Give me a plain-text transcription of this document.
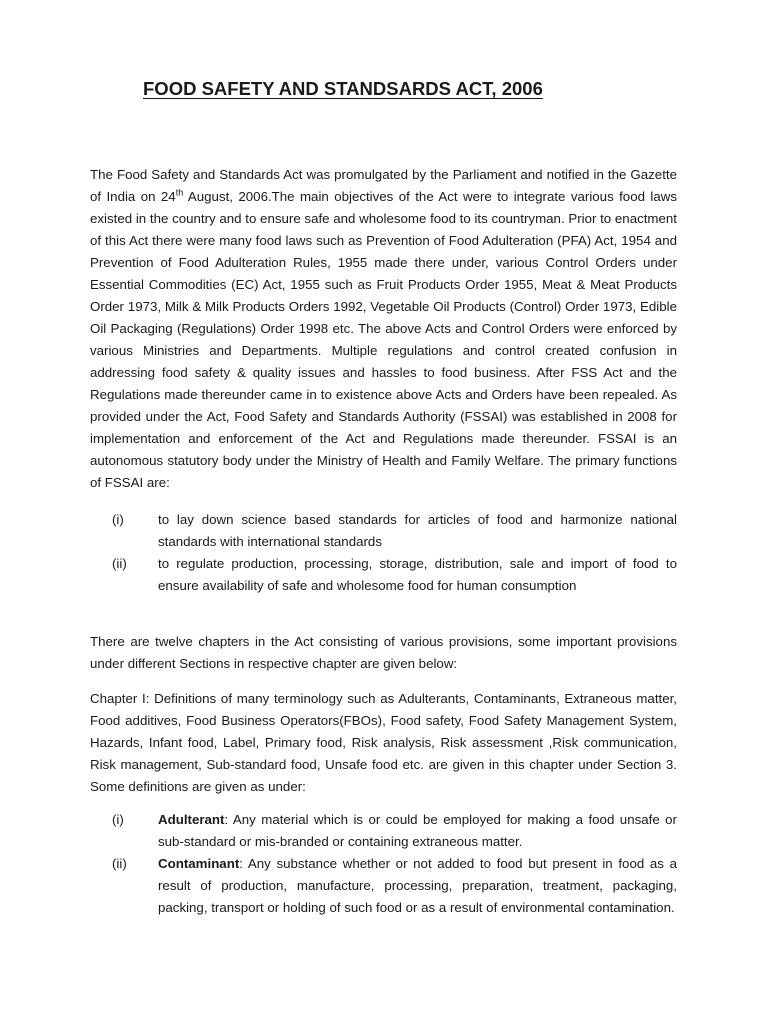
FOOD SAFETY AND STANDSARDS ACT, 2006

The Food Safety and Standards Act was promulgated by the Parliament and notified in the Gazette of India on 24th August, 2006.The main objectives of the Act were to integrate various food laws existed in the country and to ensure safe and wholesome food to its countryman. Prior to enactment of this Act there were many food laws such as Prevention of Food Adulteration (PFA) Act, 1954 and Prevention of Food Adulteration Rules, 1955 made there under, various Control Orders under Essential Commodities (EC) Act, 1955 such as Fruit Products Order 1955, Meat & Meat Products Order 1973, Milk & Milk Products Orders 1992, Vegetable Oil Products (Control) Order 1973, Edible Oil Packaging (Regulations) Order 1998 etc. The above Acts and Control Orders were enforced by various Ministries and Departments. Multiple regulations and control created confusion in addressing food safety & quality issues and hassles to food business. After FSS Act and the Regulations made thereunder came in to existence above Acts and Orders have been repealed. As provided under the Act, Food Safety and Standards Authority (FSSAI) was established in 2008 for implementation and enforcement of the Act and Regulations made thereunder. FSSAI is an autonomous statutory body under the Ministry of Health and Family Welfare. The primary functions of FSSAI are:

(i)	to lay down science based standards for articles of food and harmonize national standards with international standards
(ii)	to regulate production, processing, storage, distribution, sale and import of food to ensure availability of safe and wholesome food for human consumption

There are twelve chapters in the Act consisting of various provisions, some important provisions under different Sections in respective chapter are given below:

Chapter I: Definitions of many terminology such as Adulterants, Contaminants, Extraneous matter, Food additives, Food Business Operators(FBOs), Food safety, Food Safety Management System, Hazards, Infant food, Label, Primary food, Risk analysis, Risk assessment ,Risk communication, Risk management, Sub-standard food, Unsafe food etc. are given in this chapter under Section 3. Some definitions are given as under:

(i)	Adulterant: Any material which is or could be employed for making a food unsafe or sub-standard or mis-branded or containing extraneous matter.
(ii)	Contaminant: Any substance whether or not added to food but present in food as a result of production, manufacture, processing, preparation, treatment, packaging, packing, transport or holding of such food or as a result of environmental contamination.
